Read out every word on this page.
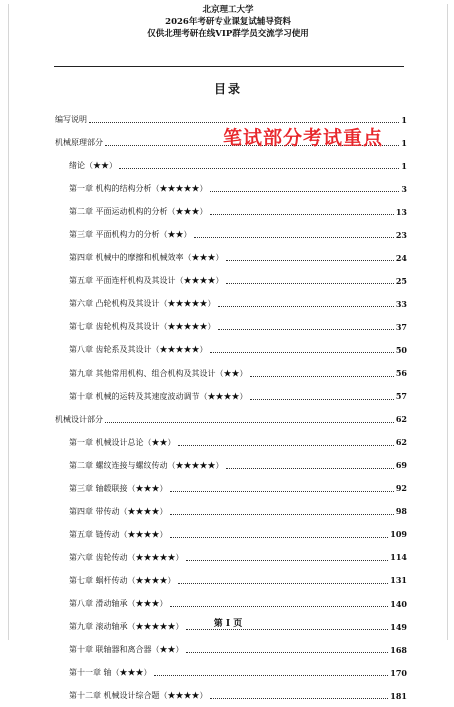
北京理工大学
2026年考研专业课复试辅导资料
仅供北理考研在线VIP群学员交流学习使用
目录
编写说明	1
机械原理部分	1
绪论（★★）	1
第一章 机构的结构分析（★★★★★）	3
第二章 平面运动机构的分析（★★★）	13
第三章 平面机构力的分析（★★）	23
第四章 机械中的摩擦和机械效率（★★★）	24
第五章 平面连杆机构及其设计（★★★★）	25
第六章 凸轮机构及其设计（★★★★★）	33
第七章 齿轮机构及其设计（★★★★★）	37
第八章 齿轮系及其设计（★★★★★）	50
第九章 其他常用机构、组合机构及其设计（★★）	56
第十章 机械的运转及其速度波动调节（★★★★）	57
机械设计部分	62
第一章 机械设计总论（★★）	62
第二章 螺纹连接与螺纹传动（★★★★★）	69
第三章 轴毂联接（★★★）	92
第四章 带传动（★★★★）	98
第五章 链传动（★★★★）	109
第六章 齿轮传动（★★★★★）	114
第七章 蜗杆传动（★★★★）	131
第八章 滑动轴承（★★★）	140
第九章 滚动轴承（★★★★★）	149
第十章 联轴器和离合器（★★）	168
第十一章 轴（★★★）	170
第十二章 机械设计综合题（★★★★）	181
笔试部分考试重点
第 I 页
